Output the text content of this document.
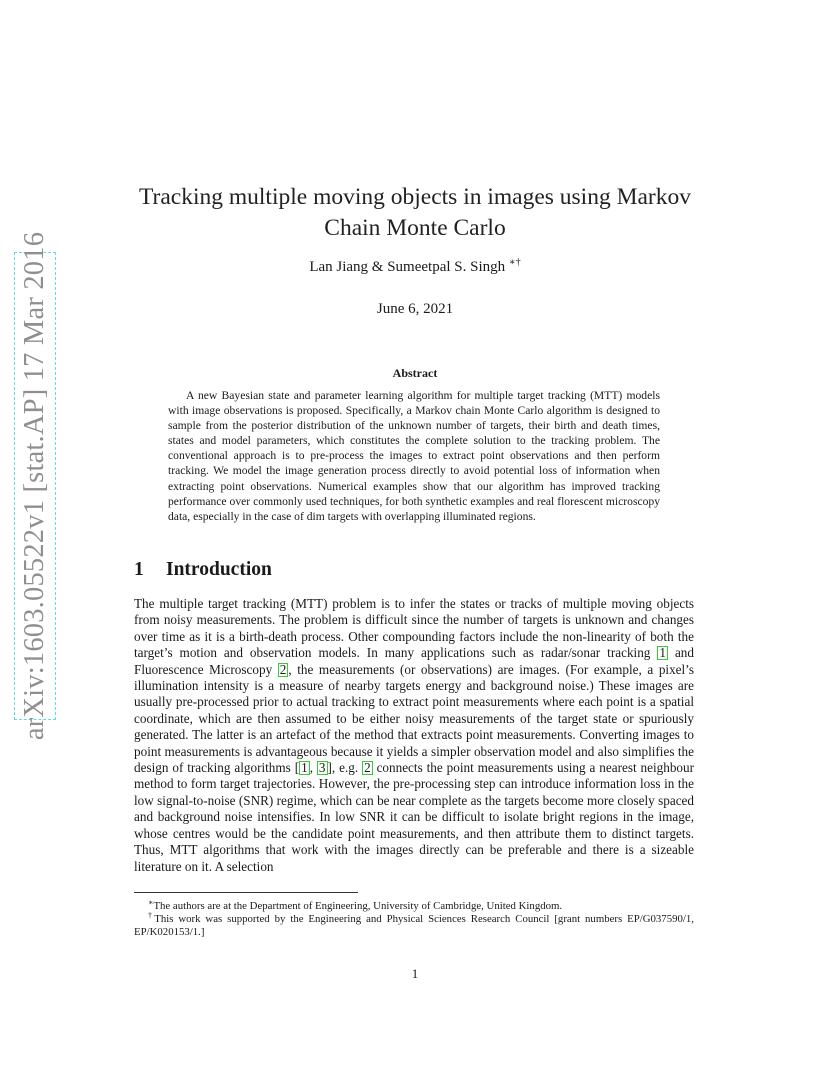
arXiv:1603.05522v1 [stat.AP] 17 Mar 2016
Tracking multiple moving objects in images using Markov
Chain Monte Carlo
Lan Jiang & Sumeetpal S. Singh ∗†
June 6, 2021
Abstract

A new Bayesian state and parameter learning algorithm for multiple target tracking (MTT) models with image observations is proposed. Specifically, a Markov chain Monte Carlo algorithm is designed to sample from the posterior distribution of the unknown number of targets, their birth and death times, states and model parameters, which constitutes the complete solution to the tracking problem. The conventional approach is to pre-process the images to extract point observations and then perform tracking. We model the image generation process directly to avoid potential loss of information when extracting point observations. Numerical examples show that our algorithm has improved tracking performance over commonly used techniques, for both synthetic examples and real florescent microscopy data, especially in the case of dim targets with overlapping illuminated regions.

1 Introduction

The multiple target tracking (MTT) problem is to infer the states or tracks of multiple moving objects from noisy measurements. The problem is difficult since the number of targets is unknown and changes over time as it is a birth-death process. Other compounding factors include the non-linearity of both the target’s motion and observation models. In many applications such as radar/sonar tracking 1 and Fluorescence Microscopy 2 , the measurements (or observations) are images. (For example, a pixel’s illumination intensity is a measure of nearby targets energy and background noise.) These images are usually pre-processed prior to actual tracking to extract point measurements where each point is a spatial coordinate, which are then assumed to be either noisy measurements of the target state or spuriously generated. The latter is an artefact of the method that extracts point measurements. Converting images to point measurements is advantageous because it yields a simpler observation model and also simplifies the design of tracking algorithms [ 1 , 3 ], e.g. 2 connects the point measurements using a nearest neighbour method to form target trajectories. However, the pre-processing step can introduce information loss in the low signal-to-noise (SNR) regime, which can be near complete as the targets become more closely spaced and background noise intensifies. In low SNR it can be difficult to isolate bright regions in the image, whose centres would be the candidate point measurements, and then attribute them to distinct targets. Thus, MTT algorithms that work with the images directly can be preferable and there is a sizeable literature on it. A selection

∗The authors are at the Department of Engineering, University of Cambridge, United Kingdom.

†This work was supported by the Engineering and Physical Sciences Research Council [grant numbers EP/G037590/1, EP/K020153/1.]

1
